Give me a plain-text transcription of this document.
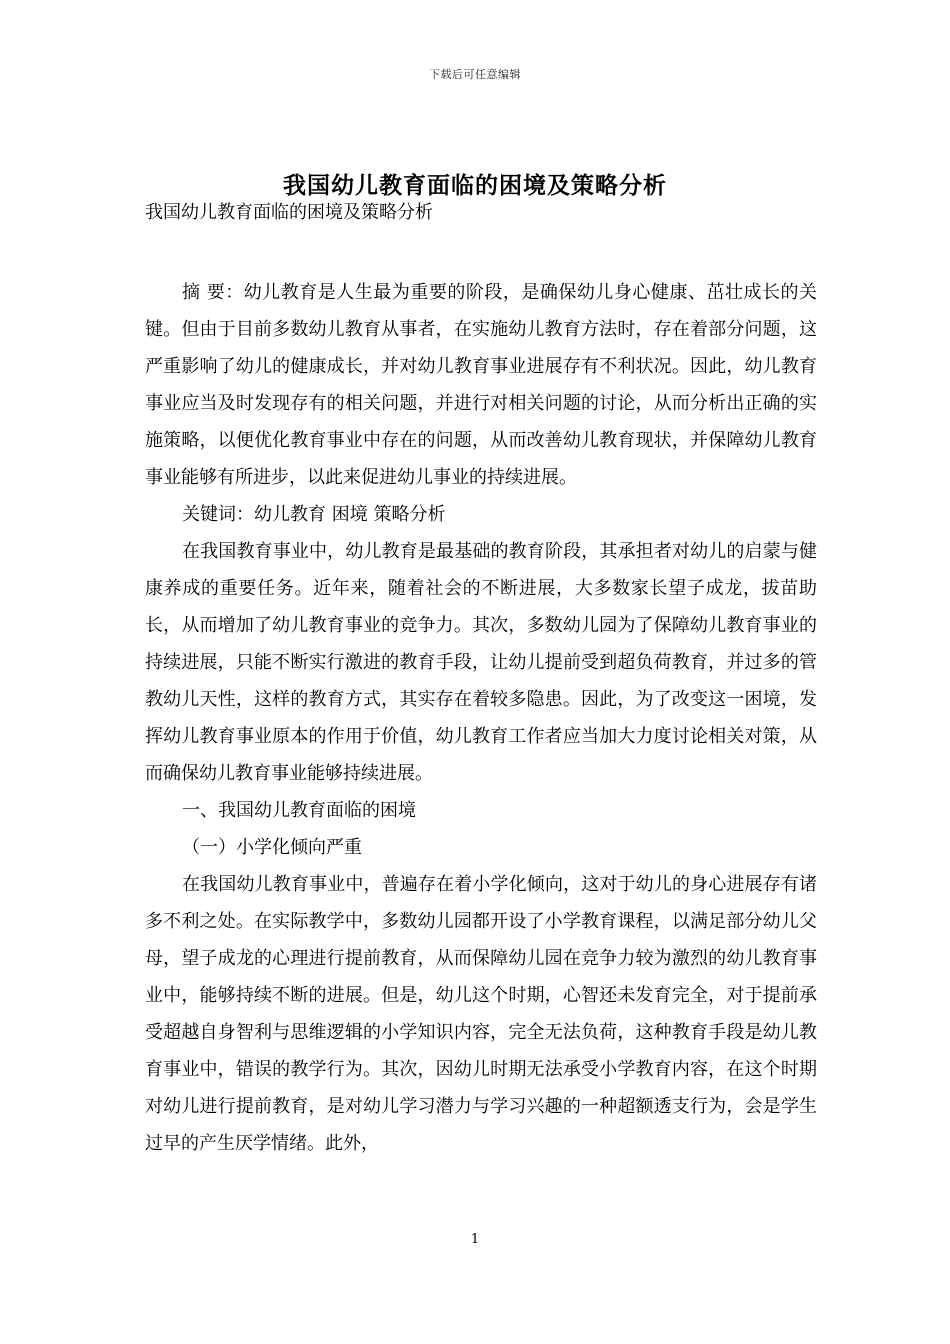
下载后可任意编辑
我国幼儿教育面临的困境及策略分析

我国幼儿教育面临的困境及策略分析

摘 要：幼儿教育是人生最为重要的阶段，是确保幼儿身心健康、茁壮成长的关键。但由于目前多数幼儿教育从事者，在实施幼儿教育方法时，存在着部分问题，这严重影响了幼儿的健康成长，并对幼儿教育事业进展存有不利状况。因此，幼儿教育事业应当及时发现存有的相关问题，并进行对相关问题的讨论，从而分析出正确的实施策略，以便优化教育事业中存在的问题，从而改善幼儿教育现状，并保障幼儿教育事业能够有所进步，以此来促进幼儿事业的持续进展。

关键词：幼儿教育 困境 策略分析

在我国教育事业中，幼儿教育是最基础的教育阶段，其承担者对幼儿的启蒙与健康养成的重要任务。近年来，随着社会的不断进展，大多数家长望子成龙，拔苗助长，从而增加了幼儿教育事业的竞争力。其次，多数幼儿园为了保障幼儿教育事业的持续进展，只能不断实行激进的教育手段，让幼儿提前受到超负荷教育，并过多的管教幼儿天性，这样的教育方式，其实存在着较多隐患。因此，为了改变这一困境，发挥幼儿教育事业原本的作用于价值，幼儿教育工作者应当加大力度讨论相关对策，从而确保幼儿教育事业能够持续进展。

一、我国幼儿教育面临的困境

（一）小学化倾向严重

在我国幼儿教育事业中，普遍存在着小学化倾向，这对于幼儿的身心进展存有诸多不利之处。在实际教学中，多数幼儿园都开设了小学教育课程，以满足部分幼儿父母，望子成龙的心理进行提前教育，从而保障幼儿园在竞争力较为激烈的幼儿教育事业中，能够持续不断的进展。但是，幼儿这个时期，心智还未发育完全，对于提前承受超越自身智利与思维逻辑的小学知识内容，完全无法负荷，这种教育手段是幼儿教育事业中，错误的教学行为。其次，因幼儿时期无法承受小学教育内容，在这个时期对幼儿进行提前教育，是对幼儿学习潜力与学习兴趣的一种超额透支行为，会是学生过早的产生厌学情绪。此外，

1
